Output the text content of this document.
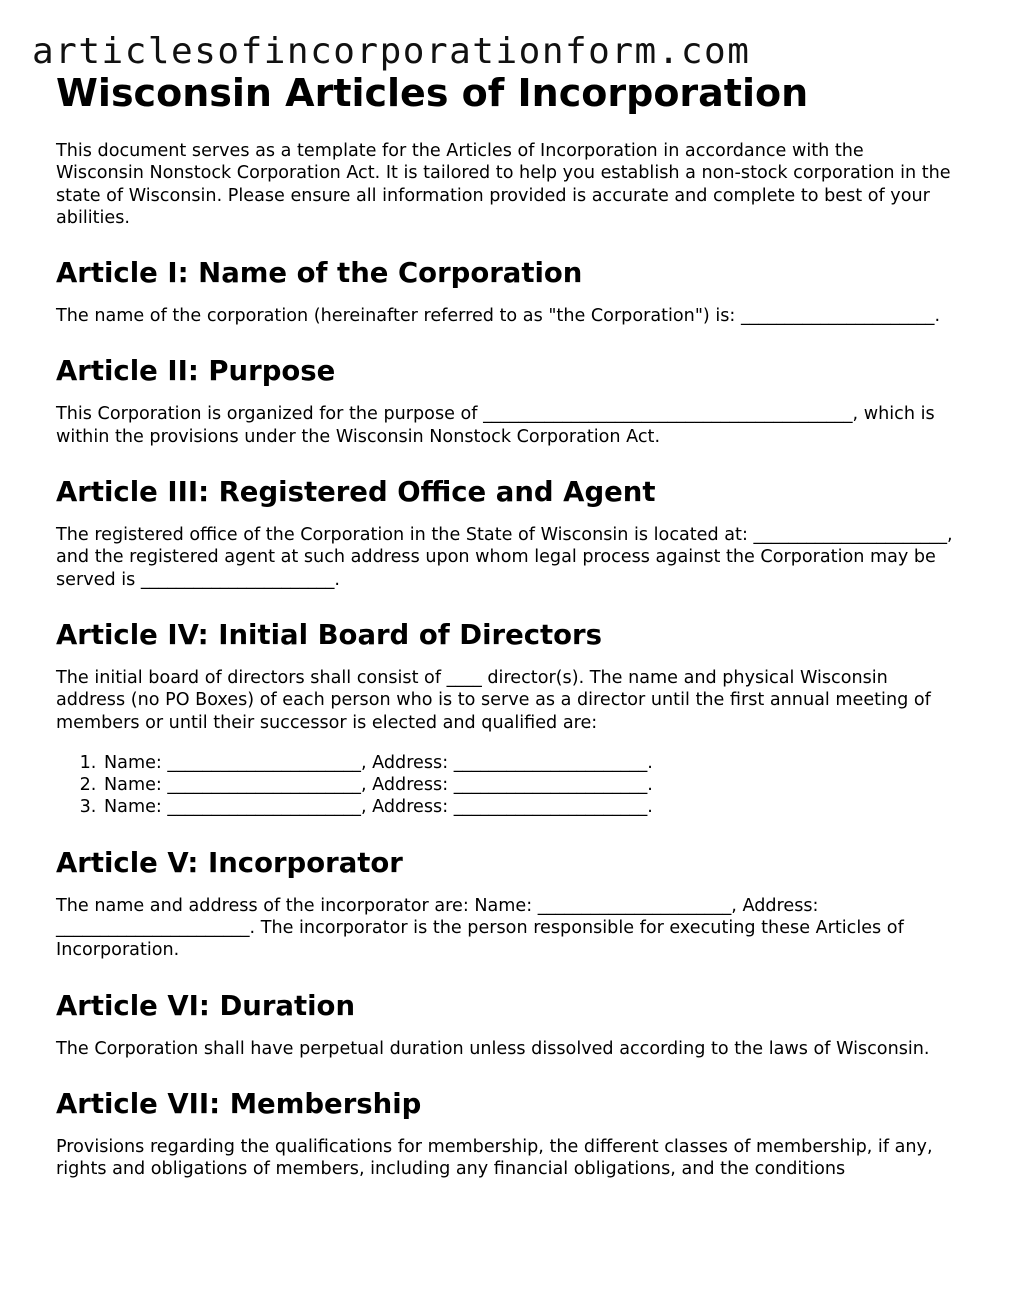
articlesofincorporationform.com
Wisconsin Articles of Incorporation

This document serves as a template for the Articles of Incorporation in accordance with the Wisconsin Nonstock Corporation Act. It is tailored to help you establish a non-stock corporation in the state of Wisconsin. Please ensure all information provided is accurate and complete to best of your abilities.

Article I: Name of the Corporation

The name of the corporation (hereinafter referred to as "the Corporation") is: ______________________.

Article II: Purpose

This Corporation is organized for the purpose of __________________________________________, which is within the provisions under the Wisconsin Nonstock Corporation Act.

Article III: Registered Office and Agent

The registered office of the Corporation in the State of Wisconsin is located at: ______________________, and the registered agent at such address upon whom legal process against the Corporation may be served is ______________________.

Article IV: Initial Board of Directors

The initial board of directors shall consist of ____ director(s). The name and physical Wisconsin address (no PO Boxes) of each person who is to serve as a director until the first annual meeting of members or until their successor is elected and qualified are:

1. Name: ______________________, Address: ______________________.
2. Name: ______________________, Address: ______________________.
3. Name: ______________________, Address: ______________________.
Article V: Incorporator

The name and address of the incorporator are: Name: ______________________, Address: ______________________. The incorporator is the person responsible for executing these Articles of Incorporation.

Article VI: Duration

The Corporation shall have perpetual duration unless dissolved according to the laws of Wisconsin.

Article VII: Membership

Provisions regarding the qualifications for membership, the different classes of membership, if any, rights and obligations of members, including any financial obligations, and the conditions
